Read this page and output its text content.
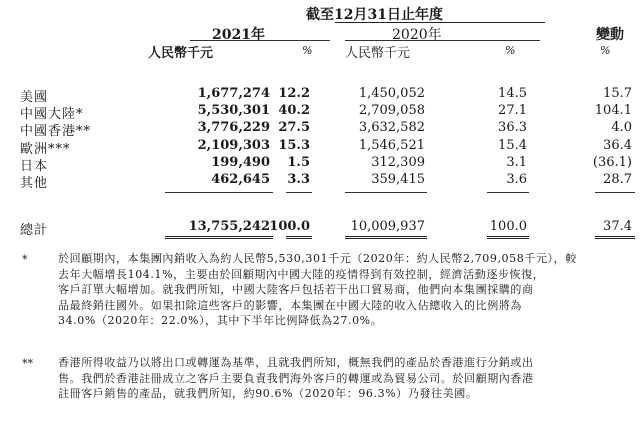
截至12月31日止年度
2021年	2020年	變動
人民幣千元	%	人民幣千元	%	%
美國	1,677,274 12.2	1,450,052	14.5	15.7
中國大陸*	5,530,301 40.2	2,709,058	27.1	104.1
中國香港**	3,776,229 27.5	3,632,582	36.3	4.0
歐洲***	2,109,303 15.3	1,546,521	15.4	36.4
日本	199,490 1.5	312,309	3.1	(36.1)
其他	462,645 3.3	359,415	3.6	28.7
總計	13,755,242 100.0	10,009,937	100.0	37.4
*	於回顧期內，本集團內銷收入為約人民幣5,530,301千元（2020年：約人民幣2,709,058千元），較
去年大幅增長104.1%，主要由於回顧期內中國大陸的疫情得到有效控制，經濟活動逐步恢復，
客戶訂單大幅增加。就我們所知，中國大陸客戶包括若干出口貿易商，他們向本集團採購的商
品最終銷往國外。如果扣除這些客戶的影響，本集團在中國大陸的收入佔總收入的比例將為
34.0%（2020年：22.0%），其中下半年比例降低為27.0%。
** 香港所得收益乃以將出口或轉運為基準，且就我們所知，概無我們的產品於香港進行分銷或出
售。我們於香港註冊成立之客戶主要負責我們海外客戶的轉運或為貿易公司。於回顧期內香港
註冊客戶銷售的產品，就我們所知，約90.6%（2020年：96.3%）乃發往美國。
